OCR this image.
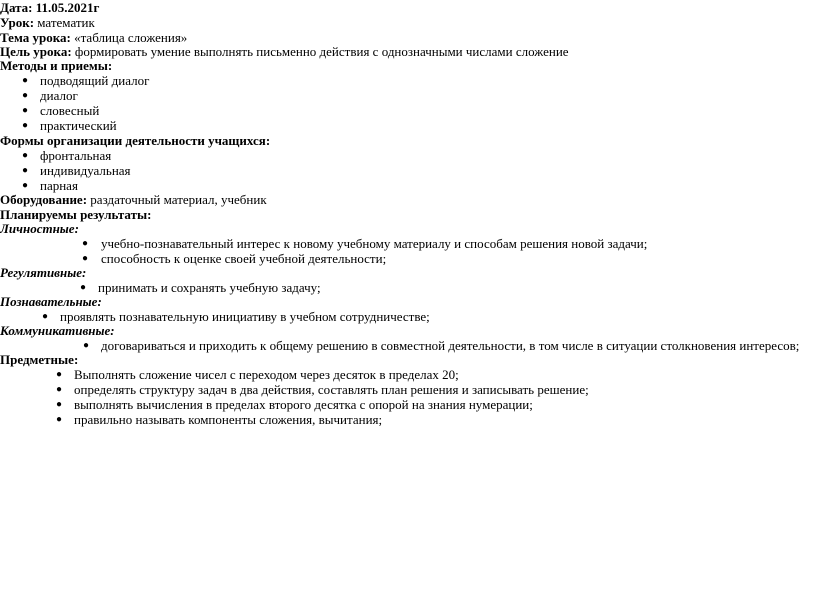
Дата: 11.05.2021г
Урок: математик
Тема урока: «таблица сложения»
Цель урока: формировать умение выполнять письменно действия с однозначными числами сложение
Методы и приемы:
● подводящий диалог
● диалог
● словесный
● практический
Формы организации деятельности учащихся:
● фронтальная
● индивидуальная
● парная
Оборудование: раздаточный материал, учебник
Планируемы результаты:
Личностные:
● учебно-познавательный интерес к новому учебному материалу и способам решения новой задачи;
● способность к оценке своей учебной деятельности;
Регулятивные:
● принимать и сохранять учебную задачу;
Познавательные:
● проявлять познавательную инициативу в учебном сотрудничестве;
Коммуникативные:
● договариваться и приходить к общему решению в совместной деятельности, в том числе в ситуации столкновения интересов;
Предметные:
● Выполнять сложение чисел с переходом через десяток в пределах 20;
● определять структуру задач в два действия, составлять план решения и записывать решение;
● выполнять вычисления в пределах второго десятка с опорой на знания нумерации;
● правильно называть компоненты сложения, вычитания;
